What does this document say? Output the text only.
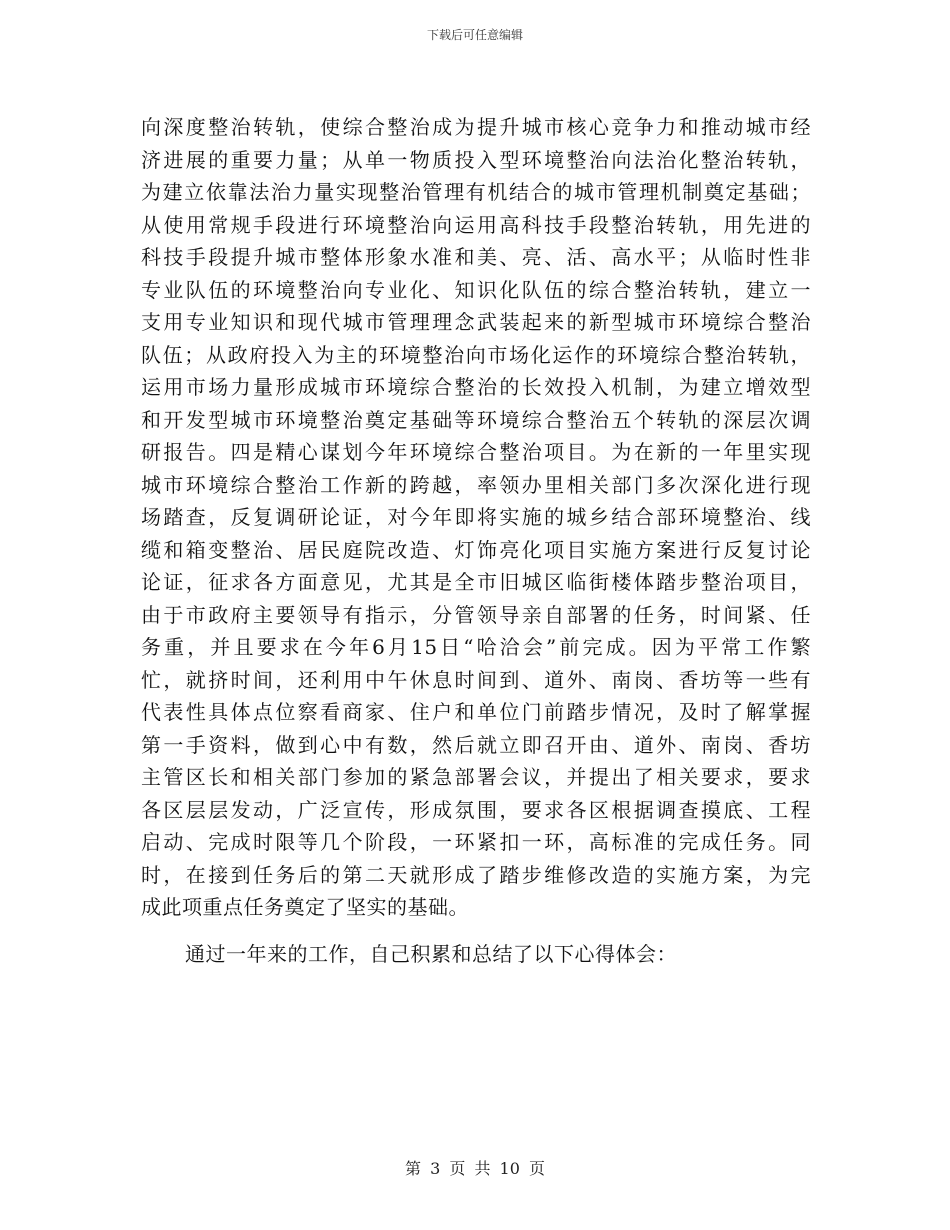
下载后可任意编辑
向深度整治转轨，使综合整治成为提升城市核心竞争力和推动城市经
济进展的重要力量；从单一物质投入型环境整治向法治化整治转轨，
为建立依靠法治力量实现整治管理有机结合的城市管理机制奠定基础；
从使用常规手段进行环境整治向运用高科技手段整治转轨，用先进的
科技手段提升城市整体形象水准和美、亮、活、高水平；从临时性非
专业队伍的环境整治向专业化、知识化队伍的综合整治转轨，建立一
支用专业知识和现代城市管理理念武装起来的新型城市环境综合整治
队伍；从政府投入为主的环境整治向市场化运作的环境综合整治转轨，
运用市场力量形成城市环境综合整治的长效投入机制，为建立增效型
和开发型城市环境整治奠定基础等环境综合整治五个转轨的深层次调
研报告。四是精心谋划今年环境综合整治项目。为在新的一年里实现
城市环境综合整治工作新的跨越，率领办里相关部门多次深化进行现
场踏查，反复调研论证，对今年即将实施的城乡结合部环境整治、线
缆和箱变整治、居民庭院改造、灯饰亮化项目实施方案进行反复讨论
论证，征求各方面意见，尤其是全市旧城区临街楼体踏步整治项目，
由于市政府主要领导有指示，分管领导亲自部署的任务，时间紧、任
务重，并且要求在今年6月15日“哈洽会”前完成。因为平常工作繁
忙，就挤时间，还利用中午休息时间到、道外、南岗、香坊等一些有
代表性具体点位察看商家、住户和单位门前踏步情况，及时了解掌握
第一手资料，做到心中有数，然后就立即召开由、道外、南岗、香坊
主管区长和相关部门参加的紧急部署会议，并提出了相关要求，要求
各区层层发动，广泛宣传，形成氛围，要求各区根据调查摸底、工程
启动、完成时限等几个阶段，一环紧扣一环，高标准的完成任务。同
时，在接到任务后的第二天就形成了踏步维修改造的实施方案，为完
成此项重点任务奠定了坚实的基础。
通过一年来的工作，自己积累和总结了以下心得体会：
第 3 页 共 10 页
